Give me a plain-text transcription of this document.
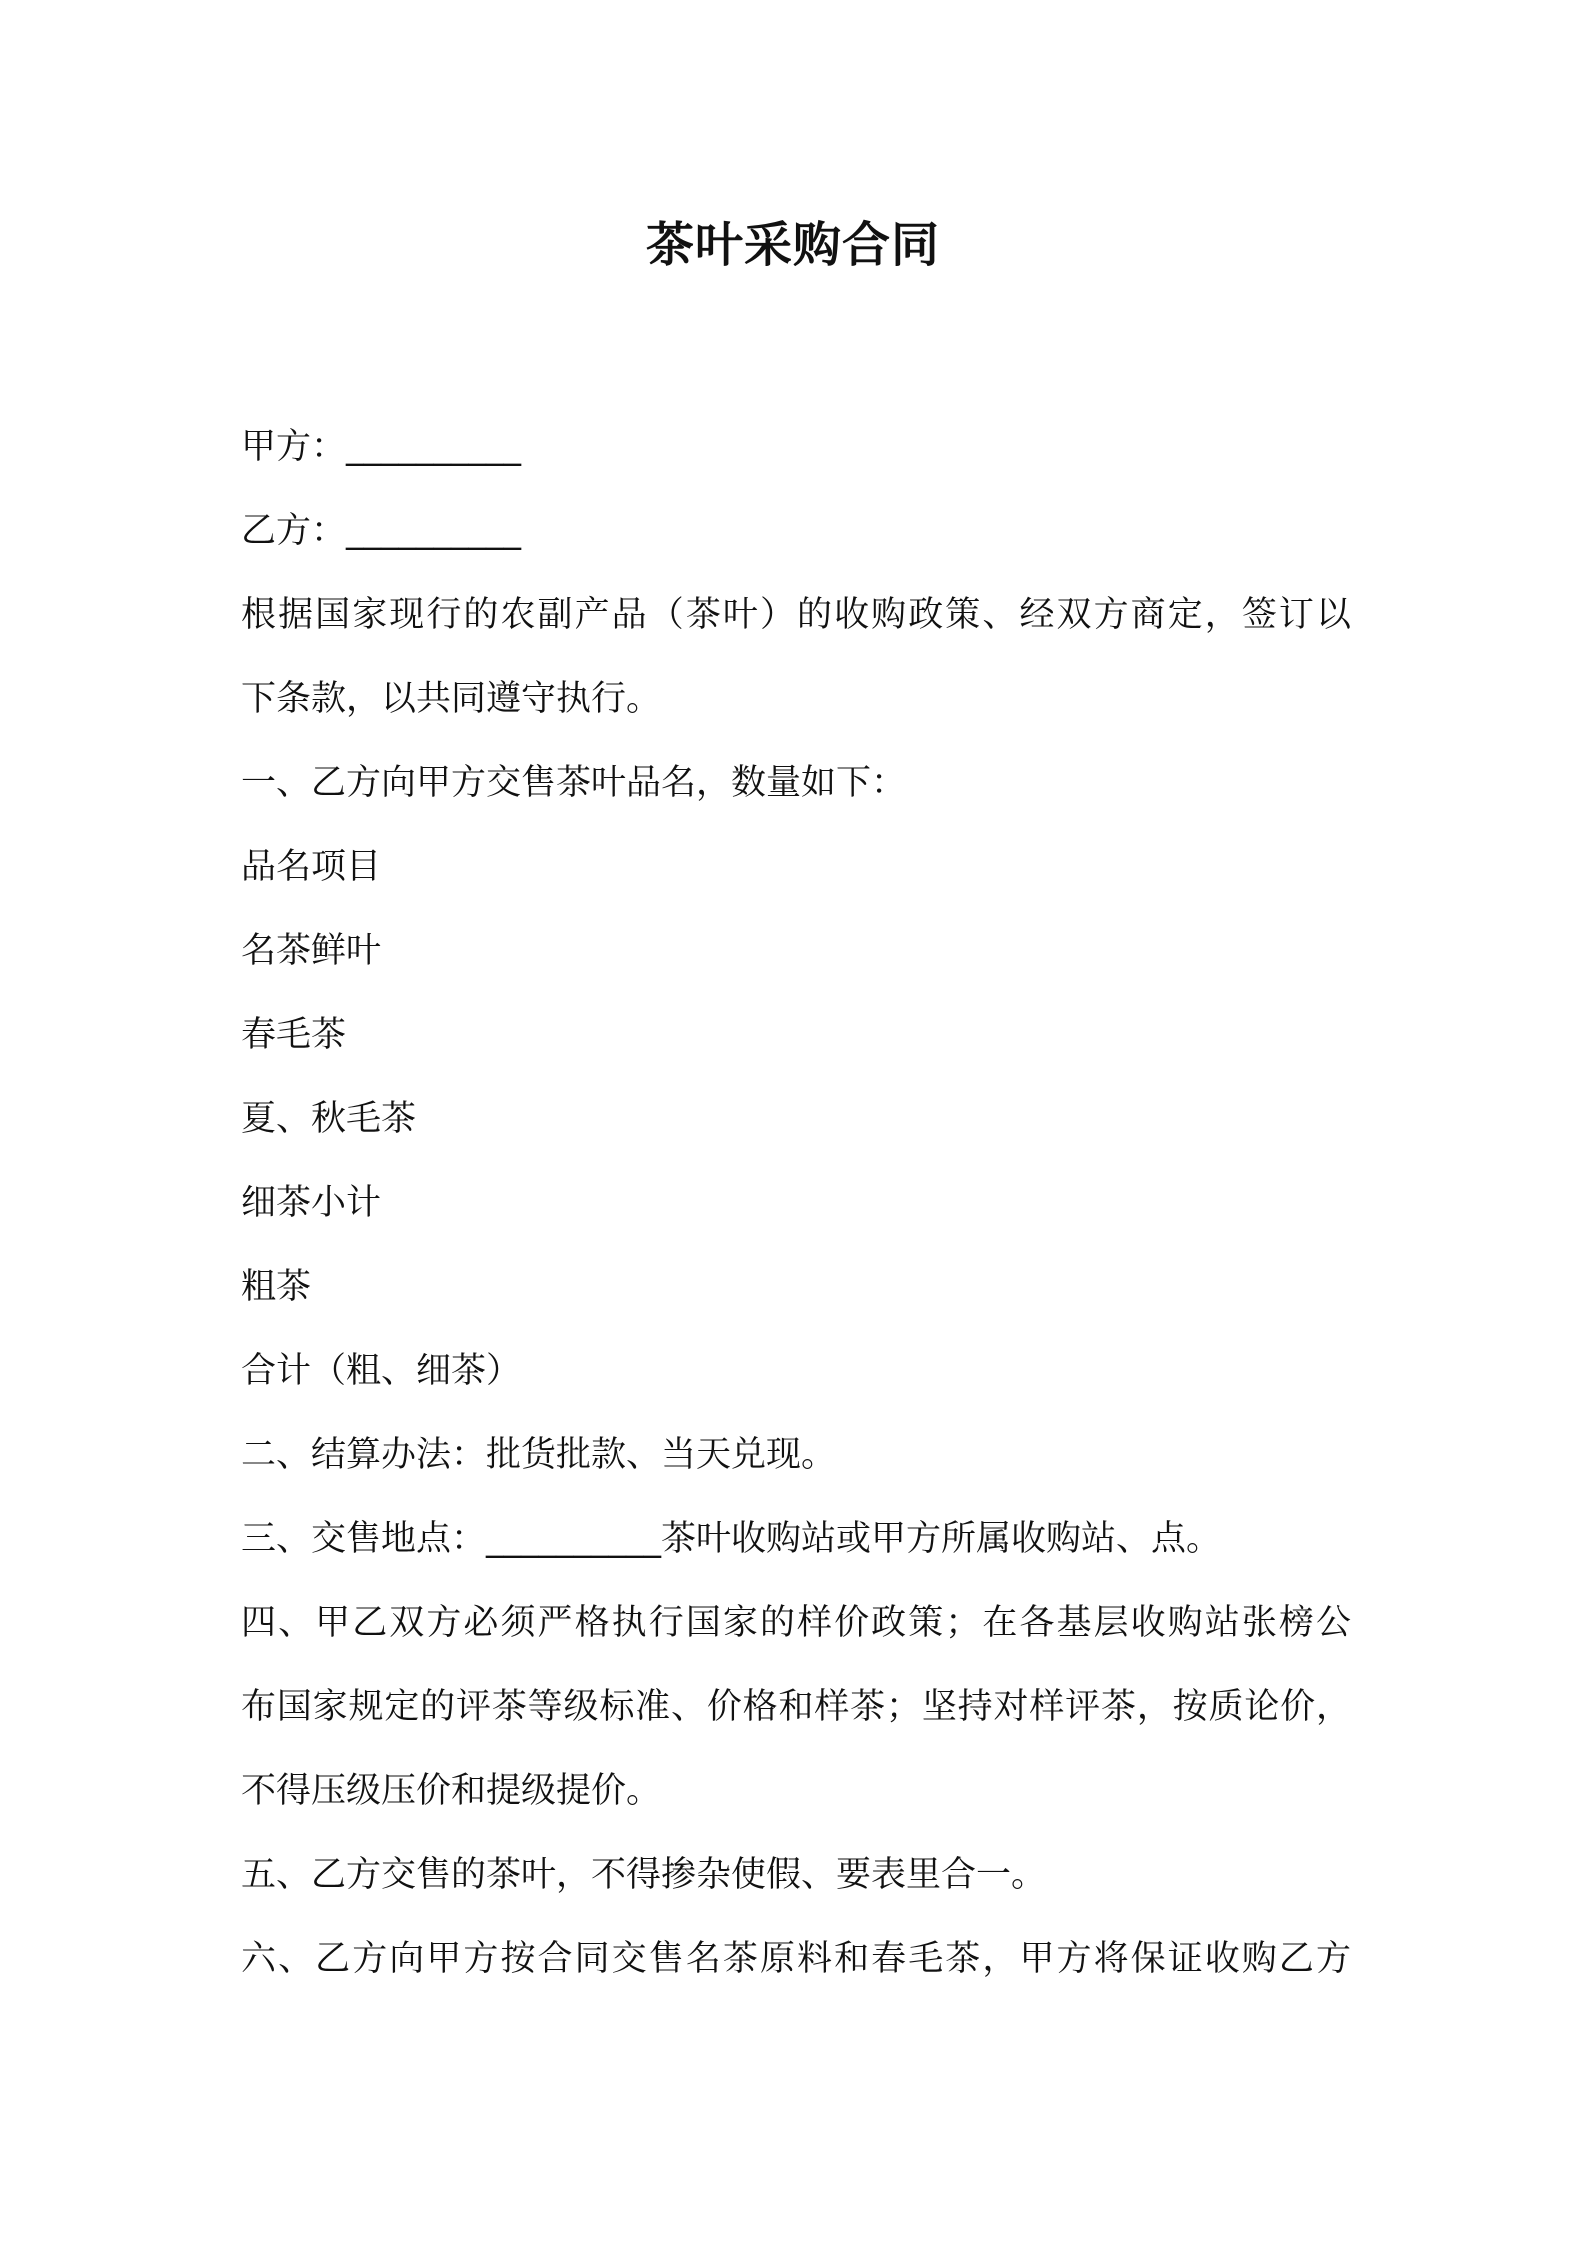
茶叶采购合同
甲方：__________
乙方：__________
根据国家现行的农副产品（茶叶）的收购政策、经双方商定，签订以
下条款，以共同遵守执行。
一、乙方向甲方交售茶叶品名，数量如下：
品名项目
名茶鲜叶
春毛茶
夏、秋毛茶
细茶小计
粗茶
合计（粗、细茶）
二、结算办法：批货批款、当天兑现。
三、交售地点：__________茶叶收购站或甲方所属收购站、点。
四、甲乙双方必须严格执行国家的样价政策；在各基层收购站张榜公
布国家规定的评茶等级标准、价格和样茶；坚持对样评茶，按质论价，
不得压级压价和提级提价。
五、乙方交售的茶叶，不得掺杂使假、要表里合一。
六、乙方向甲方按合同交售名茶原料和春毛茶，甲方将保证收购乙方
